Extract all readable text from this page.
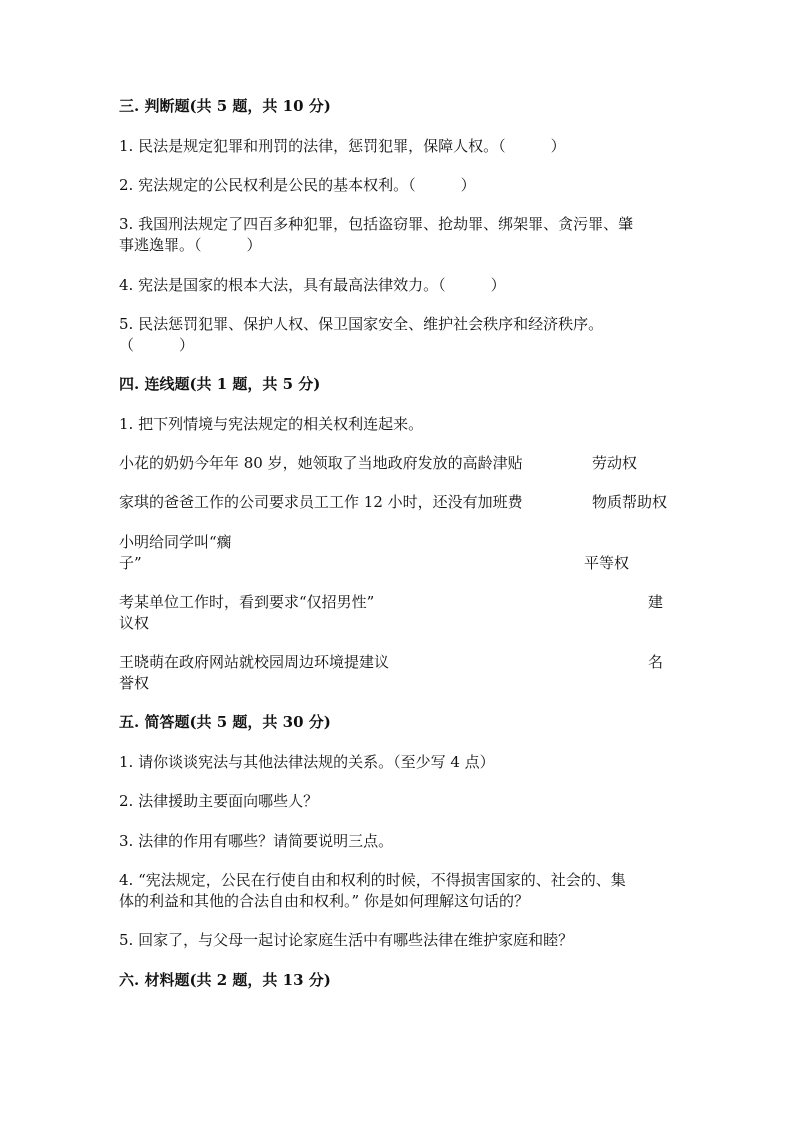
三. 判断题(共 5 题，共 10 分)
1. 民法是规定犯罪和刑罚的法律，惩罚犯罪，保障人权。（　　　）
2. 宪法规定的公民权利是公民的基本权利。（　　　）
3. 我国刑法规定了四百多种犯罪，包括盗窃罪、抢劫罪、绑架罪、贪污罪、肇
事逃逸罪。（　　　）
4. 宪法是国家的根本大法，具有最高法律效力。（　　　）
5. 民法惩罚犯罪、保护人权、保卫国家安全、维护社会秩序和经济秩序。
（　　　）
四. 连线题(共 1 题，共 5 分)
1. 把下列情境与宪法规定的相关权利连起来。
小花的奶奶今年年 80 岁，她领取了当地政府发放的高龄津贴	劳动权
家琪的爸爸工作的公司要求员工工作 12 小时，还没有加班费	物质帮助权
小明给同学叫“瘸
子”	平等权
考某单位工作时，看到要求“仅招男性”	建
议权
王晓萌在政府网站就校园周边环境提建议	名
誉权
五. 简答题(共 5 题，共 30 分)
1. 请你谈谈宪法与其他法律法规的关系。（至少写 4 点）
2. 法律援助主要面向哪些人？
3. 法律的作用有哪些？请简要说明三点。
4. “宪法规定，公民在行使自由和权利的时候，不得损害国家的、社会的、集
体的利益和其他的合法自由和权利。” 你是如何理解这句话的？
5. 回家了，与父母一起讨论家庭生活中有哪些法律在维护家庭和睦？
六. 材料题(共 2 题，共 13 分)
